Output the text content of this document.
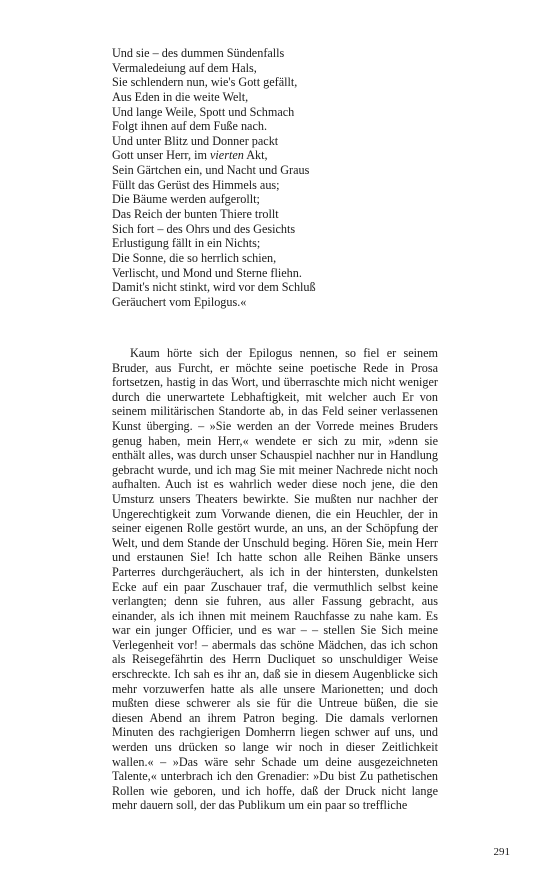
Und sie – des dummen Sündenfalls
Vermaledeiung auf dem Hals,
Sie schlendern nun, wie's Gott gefällt,
Aus Eden in die weite Welt,
Und lange Weile, Spott und Schmach
Folgt ihnen auf dem Fuße nach.
Und unter Blitz und Donner packt
Gott unser Herr, im vierten Akt,
Sein Gärtchen ein, und Nacht und Graus
Füllt das Gerüst des Himmels aus;
Die Bäume werden aufgerollt;
Das Reich der bunten Thiere trollt
Sich fort – des Ohrs und des Gesichts
Erlustigung fällt in ein Nichts;
Die Sonne, die so herrlich schien,
Verlischt, und Mond und Sterne fliehn.
Damit's nicht stinkt, wird vor dem Schluß
Geräuchert vom Epilogus.«

Kaum hörte sich der Epilogus nennen, so fiel er seinem Bruder, aus Furcht, er möchte seine poetische Rede in Prosa fortsetzen, hastig in das Wort, und überraschte mich nicht weniger durch die unerwartete Lebhaftigkeit, mit welcher auch Er von seinem militärischen Standorte ab, in das Feld seiner verlassenen Kunst überging. – »Sie werden an der Vorrede meines Bruders genug haben, mein Herr,« wendete er sich zu mir, »denn sie enthält alles, was durch unser Schauspiel nachher nur in Handlung gebracht wurde, und ich mag Sie mit meiner Nachrede nicht noch aufhalten. Auch ist es wahrlich weder diese noch jene, die den Umsturz unsers Theaters bewirkte. Sie mußten nur nachher der Ungerechtigkeit zum Vorwande dienen, die ein Heuchler, der in seiner eigenen Rolle gestört wurde, an uns, an der Schöpfung der Welt, und dem Stande der Unschuld beging. Hören Sie, mein Herr und erstaunen Sie! Ich hatte schon alle Reihen Bänke unsers Parterres durchgeräuchert, als ich in der hintersten, dunkelsten Ecke auf ein paar Zuschauer traf, die vermuthlich selbst keine verlangten; denn sie fuhren, aus aller Fassung gebracht, aus einander, als ich ihnen mit meinem Rauchfasse zu nahe kam. Es war ein junger Officier, und es war – – stellen Sie Sich meine Verlegenheit vor! – abermals das schöne Mädchen, das ich schon als Reisegefährtin des Herrn Ducliquet so unschuldiger Weise erschreckte. Ich sah es ihr an, daß sie in diesem Augenblicke sich mehr vorzuwerfen hatte als alle unsere Marionetten; und doch mußten diese schwerer als sie für die Untreue büßen, die sie diesen Abend an ihrem Patron beging. Die damals verlornen Minuten des rachgierigen Domherrn liegen schwer auf uns, und werden uns drücken so lange wir noch in dieser Zeitlichkeit wallen.« – »Das wäre sehr Schade um deine ausgezeichneten Talente,« unterbrach ich den Grenadier: »Du bist Zu pathetischen Rollen wie geboren, und ich hoffe, daß der Druck nicht lange mehr dauern soll, der das Publikum um ein paar so treffliche

291
